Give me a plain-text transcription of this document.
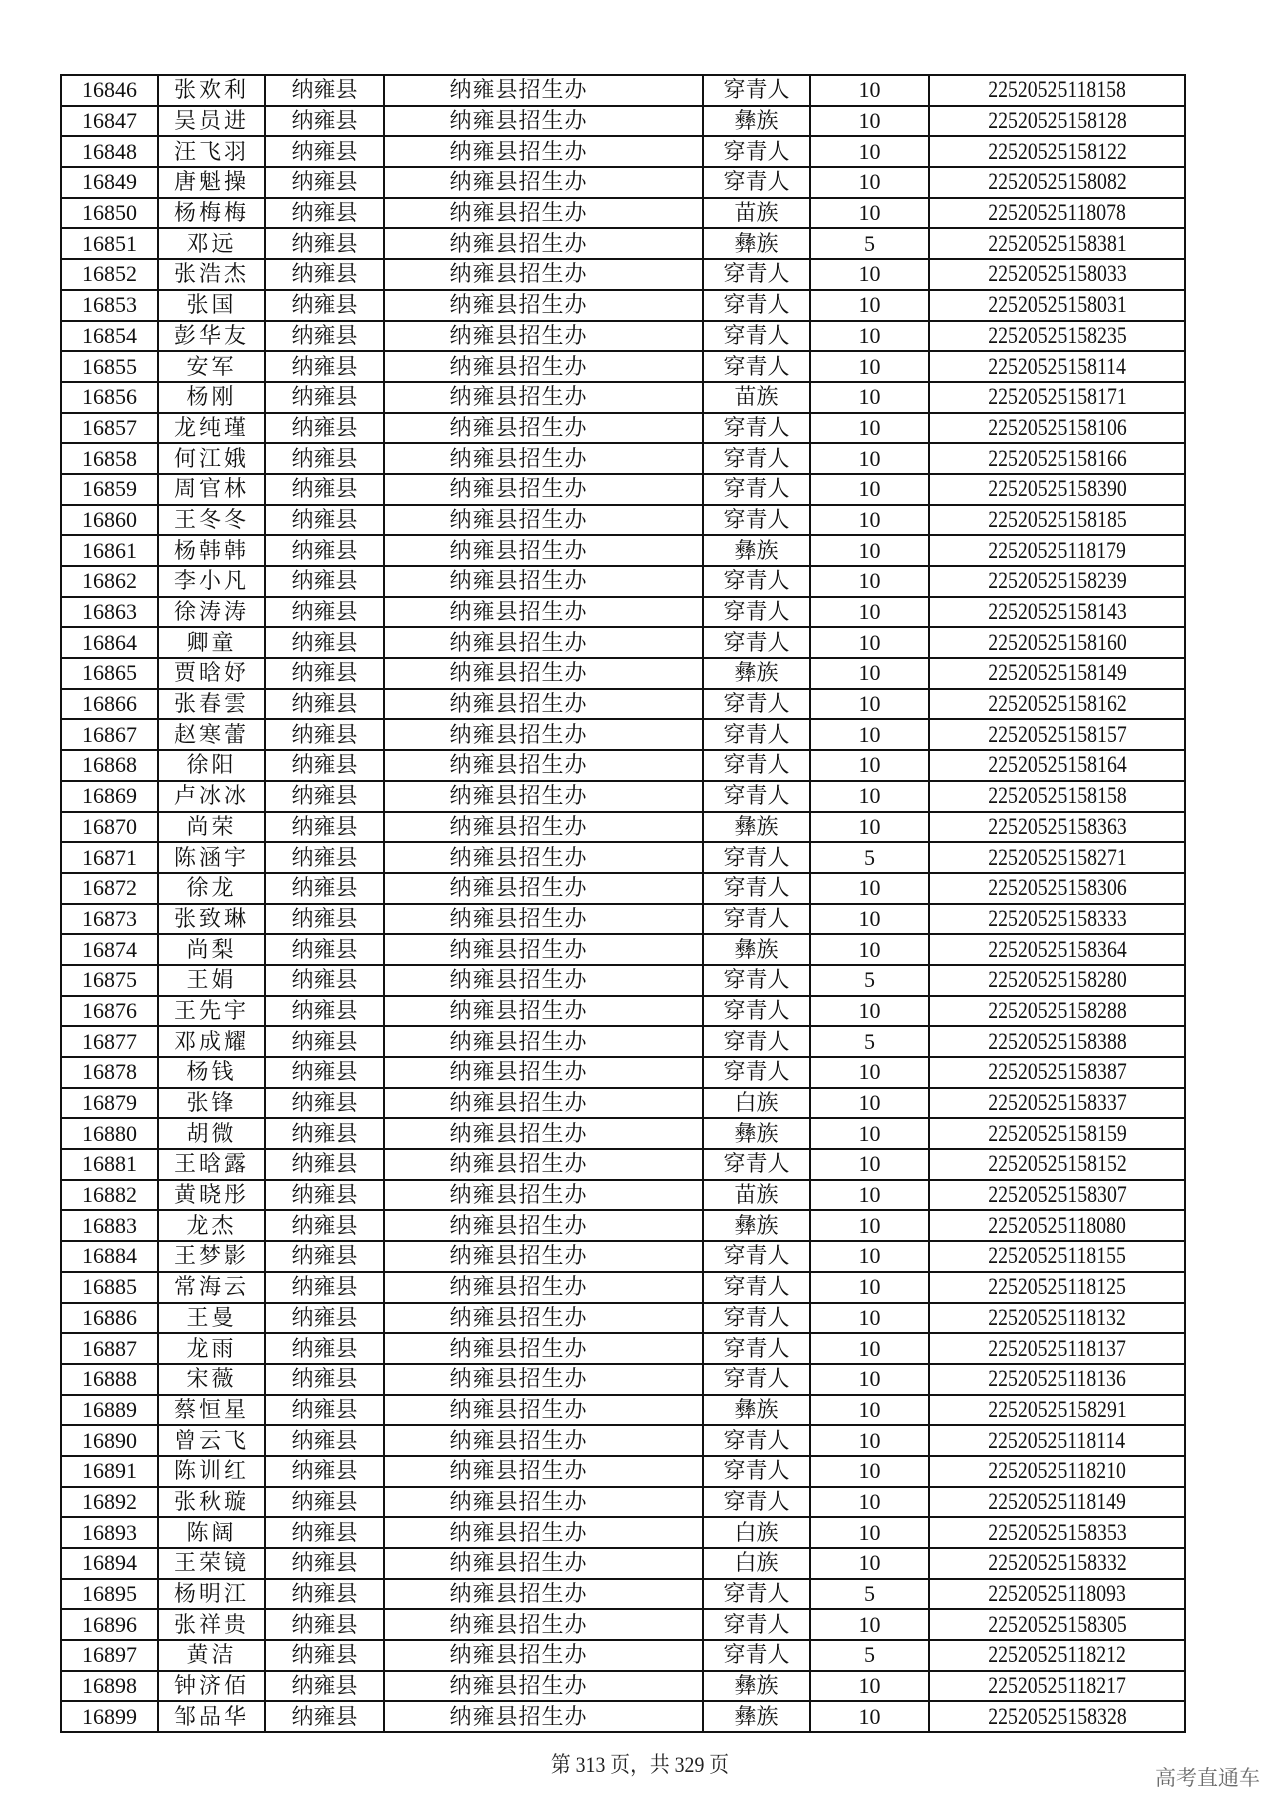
16846	张欢利	纳雍县	纳雍县招生办	穿青人	10	22520525118158
16847	吴员进	纳雍县	纳雍县招生办	彝族	10	22520525158128
16848	汪飞羽	纳雍县	纳雍县招生办	穿青人	10	22520525158122
16849	唐魁操	纳雍县	纳雍县招生办	穿青人	10	22520525158082
16850	杨梅梅	纳雍县	纳雍县招生办	苗族	10	22520525118078
16851	邓远	纳雍县	纳雍县招生办	彝族	5	22520525158381
16852	张浩杰	纳雍县	纳雍县招生办	穿青人	10	22520525158033
16853	张国	纳雍县	纳雍县招生办	穿青人	10	22520525158031
16854	彭华友	纳雍县	纳雍县招生办	穿青人	10	22520525158235
16855	安军	纳雍县	纳雍县招生办	穿青人	10	22520525158114
16856	杨刚	纳雍县	纳雍县招生办	苗族	10	22520525158171
16857	龙纯瑾	纳雍县	纳雍县招生办	穿青人	10	22520525158106
16858	何江娥	纳雍县	纳雍县招生办	穿青人	10	22520525158166
16859	周官林	纳雍县	纳雍县招生办	穿青人	10	22520525158390
16860	王冬冬	纳雍县	纳雍县招生办	穿青人	10	22520525158185
16861	杨韩韩	纳雍县	纳雍县招生办	彝族	10	22520525118179
16862	李小凡	纳雍县	纳雍县招生办	穿青人	10	22520525158239
16863	徐涛涛	纳雍县	纳雍县招生办	穿青人	10	22520525158143
16864	卿童	纳雍县	纳雍县招生办	穿青人	10	22520525158160
16865	贾晗妤	纳雍县	纳雍县招生办	彝族	10	22520525158149
16866	张春雲	纳雍县	纳雍县招生办	穿青人	10	22520525158162
16867	赵寒蕾	纳雍县	纳雍县招生办	穿青人	10	22520525158157
16868	徐阳	纳雍县	纳雍县招生办	穿青人	10	22520525158164
16869	卢冰冰	纳雍县	纳雍县招生办	穿青人	10	22520525158158
16870	尚荣	纳雍县	纳雍县招生办	彝族	10	22520525158363
16871	陈涵宇	纳雍县	纳雍县招生办	穿青人	5	22520525158271
16872	徐龙	纳雍县	纳雍县招生办	穿青人	10	22520525158306
16873	张致琳	纳雍县	纳雍县招生办	穿青人	10	22520525158333
16874	尚梨	纳雍县	纳雍县招生办	彝族	10	22520525158364
16875	王娟	纳雍县	纳雍县招生办	穿青人	5	22520525158280
16876	王先宇	纳雍县	纳雍县招生办	穿青人	10	22520525158288
16877	邓成耀	纳雍县	纳雍县招生办	穿青人	5	22520525158388
16878	杨钱	纳雍县	纳雍县招生办	穿青人	10	22520525158387
16879	张锋	纳雍县	纳雍县招生办	白族	10	22520525158337
16880	胡微	纳雍县	纳雍县招生办	彝族	10	22520525158159
16881	王晗露	纳雍县	纳雍县招生办	穿青人	10	22520525158152
16882	黄晓彤	纳雍县	纳雍县招生办	苗族	10	22520525158307
16883	龙杰	纳雍县	纳雍县招生办	彝族	10	22520525118080
16884	王梦影	纳雍县	纳雍县招生办	穿青人	10	22520525118155
16885	常海云	纳雍县	纳雍县招生办	穿青人	10	22520525118125
16886	王曼	纳雍县	纳雍县招生办	穿青人	10	22520525118132
16887	龙雨	纳雍县	纳雍县招生办	穿青人	10	22520525118137
16888	宋薇	纳雍县	纳雍县招生办	穿青人	10	22520525118136
16889	蔡恒星	纳雍县	纳雍县招生办	彝族	10	22520525158291
16890	曾云飞	纳雍县	纳雍县招生办	穿青人	10	22520525118114
16891	陈训红	纳雍县	纳雍县招生办	穿青人	10	22520525118210
16892	张秋璇	纳雍县	纳雍县招生办	穿青人	10	22520525118149
16893	陈阔	纳雍县	纳雍县招生办	白族	10	22520525158353
16894	王荣镜	纳雍县	纳雍县招生办	白族	10	22520525158332
16895	杨明江	纳雍县	纳雍县招生办	穿青人	5	22520525118093
16896	张祥贵	纳雍县	纳雍县招生办	穿青人	10	22520525158305
16897	黄洁	纳雍县	纳雍县招生办	穿青人	5	22520525118212
16898	钟济佰	纳雍县	纳雍县招生办	彝族	10	22520525118217
16899	邹品华	纳雍县	纳雍县招生办	彝族	10	22520525158328
第 313 页，共 329 页
高考直通车
